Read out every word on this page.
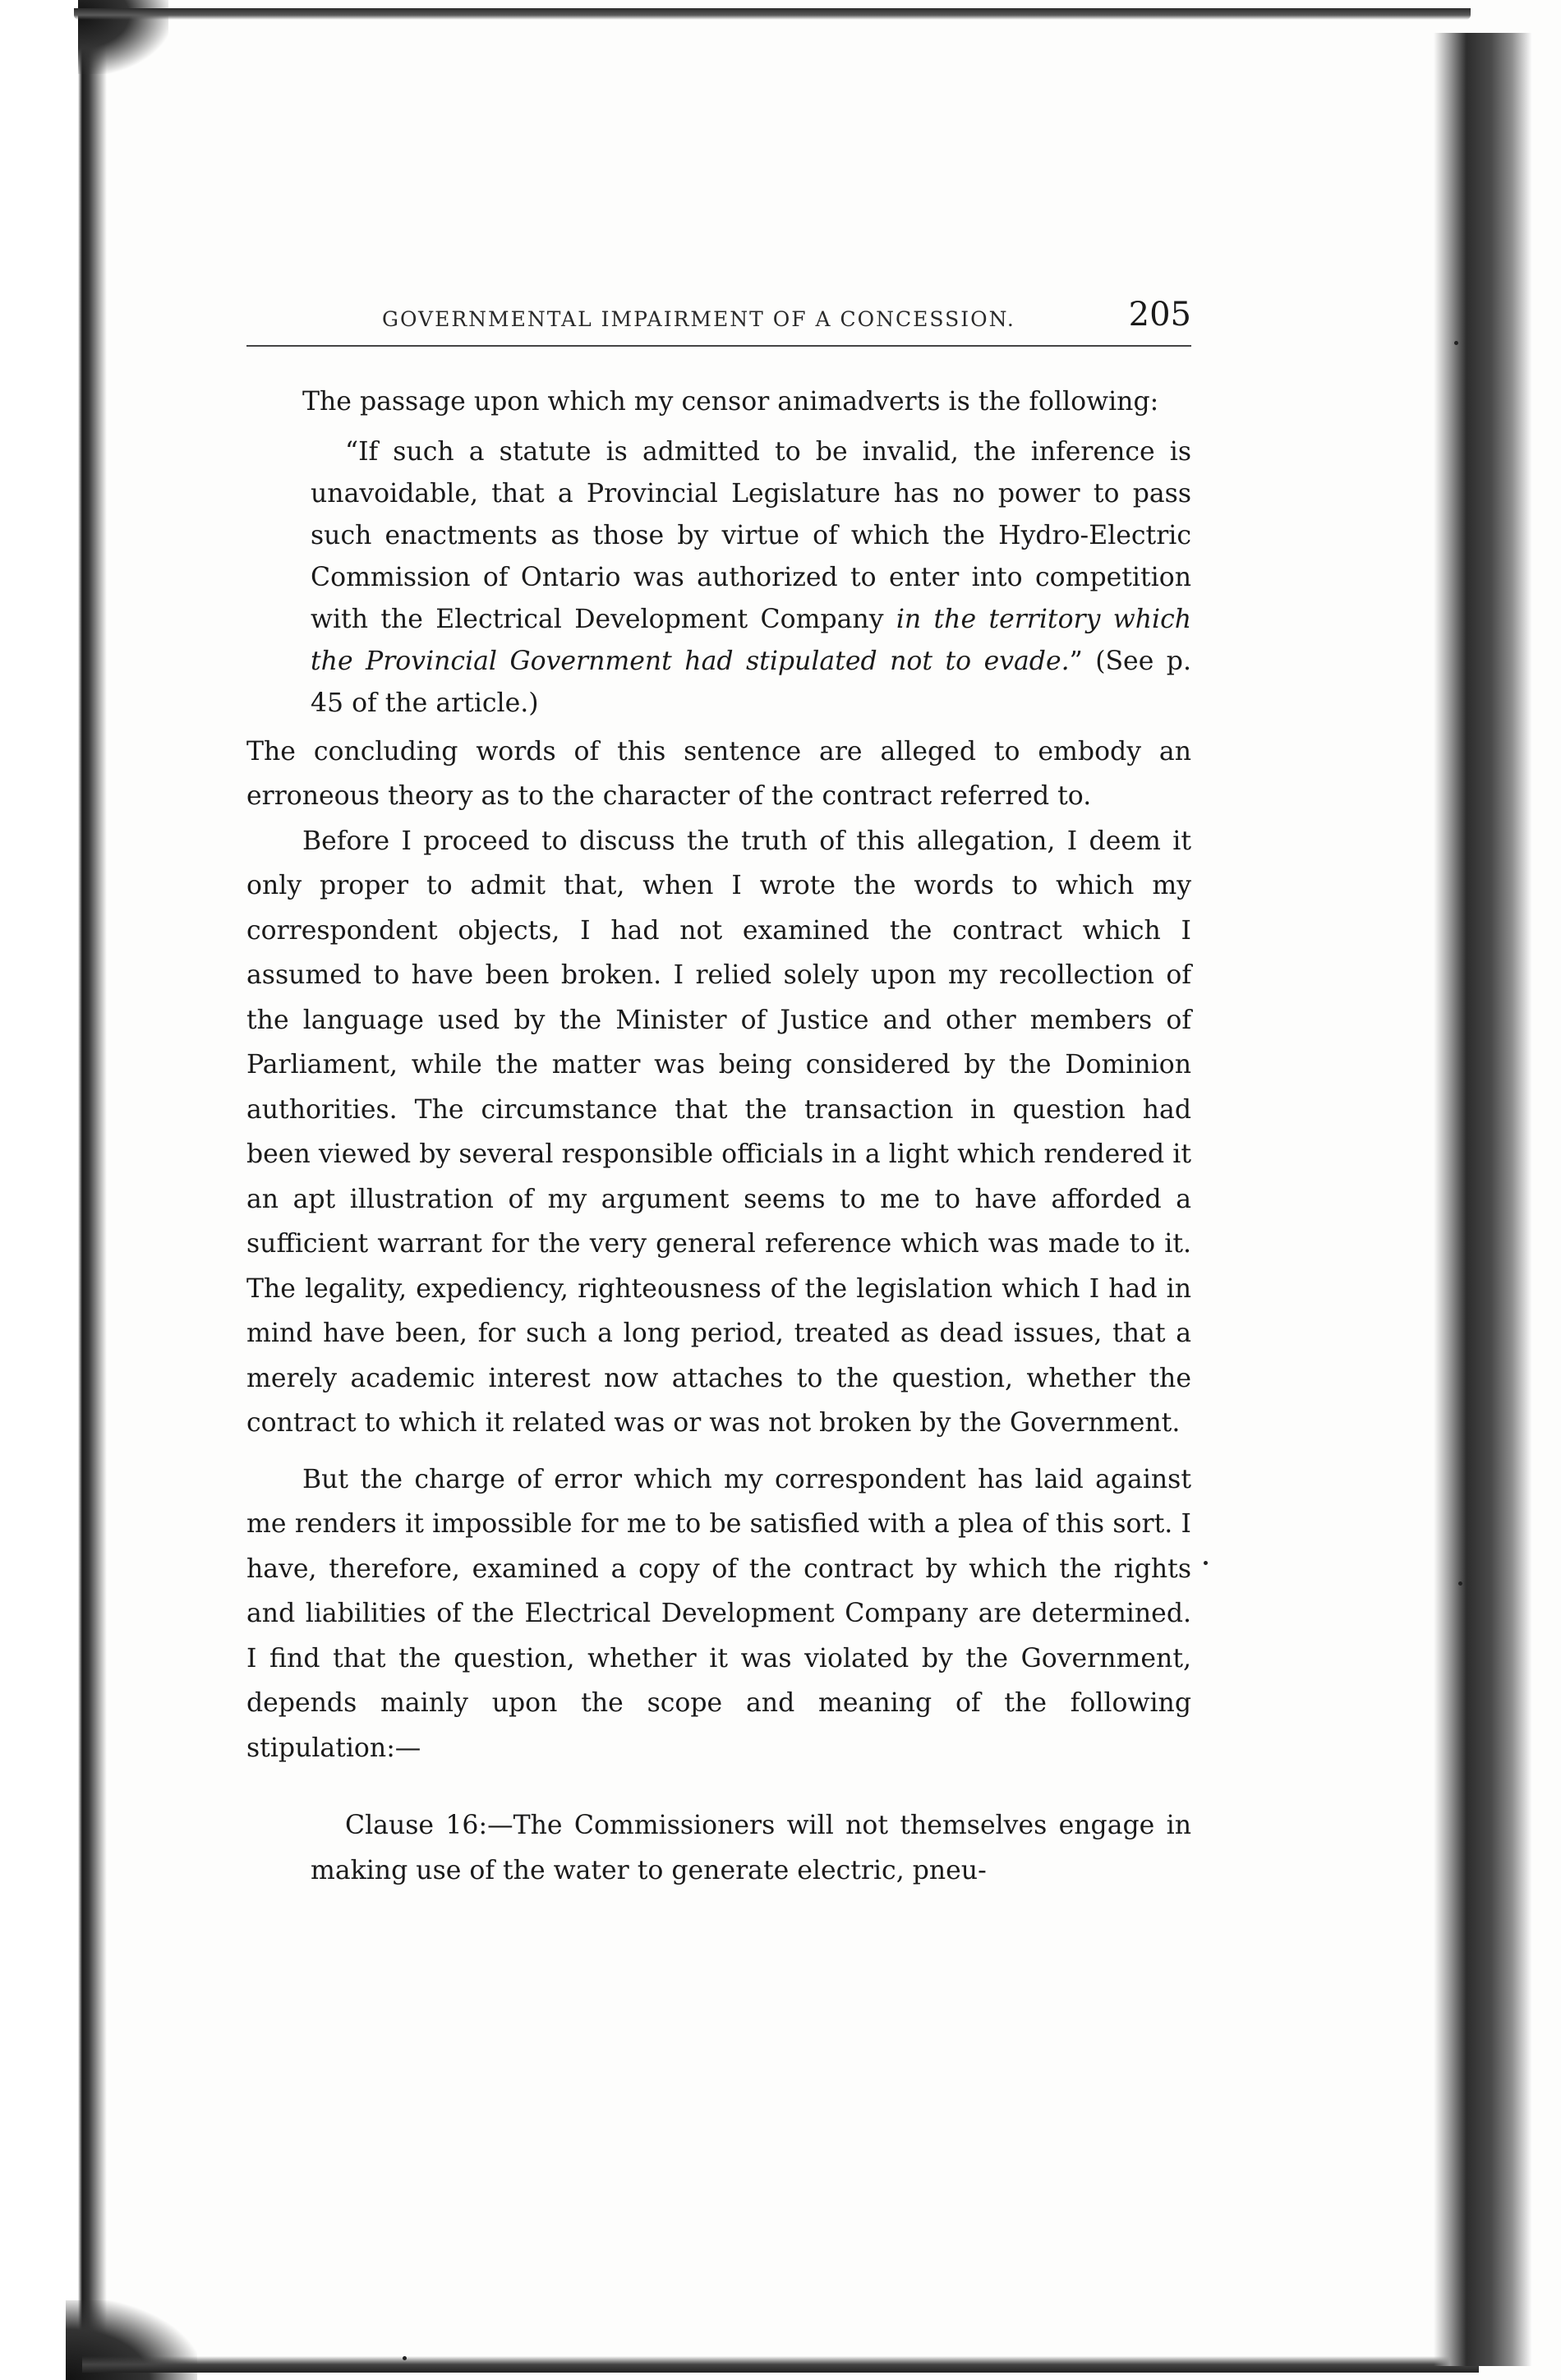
GOVERNMENTAL IMPAIRMENT OF A CONCESSION.	205

The passage upon which my censor animadverts is the following:

“If such a statute is admitted to be invalid, the inference is unavoidable, that a Provincial Legislature has no power to pass such enactments as those by virtue of which the Hydro-Electric Commission of Ontario was authorized to enter into competition with the Electrical Development Company in the territory which the Provincial Government had stipulated not to evade.” (See p. 45 of the article.)

The concluding words of this sentence are alleged to embody an erroneous theory as to the character of the contract referred to.

Before I proceed to discuss the truth of this allegation, I deem it only proper to admit that, when I wrote the words to which my correspondent objects, I had not examined the contract which I assumed to have been broken. I relied solely upon my recollection of the language used by the Minister of Justice and other members of Parliament, while the matter was being considered by the Dominion authorities. The circumstance that the transaction in question had been viewed by several responsible officials in a light which rendered it an apt illustration of my argument seems to me to have afforded a sufficient warrant for the very general reference which was made to it. The legality, expediency, righteousness of the legislation which I had in mind have been, for such a long period, treated as dead issues, that a merely academic interest now attaches to the question, whether the contract to which it related was or was not broken by the Government.

But the charge of error which my correspondent has laid against me renders it impossible for me to be satisfied with a plea of this sort. I have, therefore, examined a copy of the contract by which the rights and liabilities of the Electrical Development Company are determined. I find that the question, whether it was violated by the Government, depends mainly upon the scope and meaning of the following stipulation:—

Clause 16:—The Commissioners will not themselves engage in making use of the water to generate electric, pneu-
